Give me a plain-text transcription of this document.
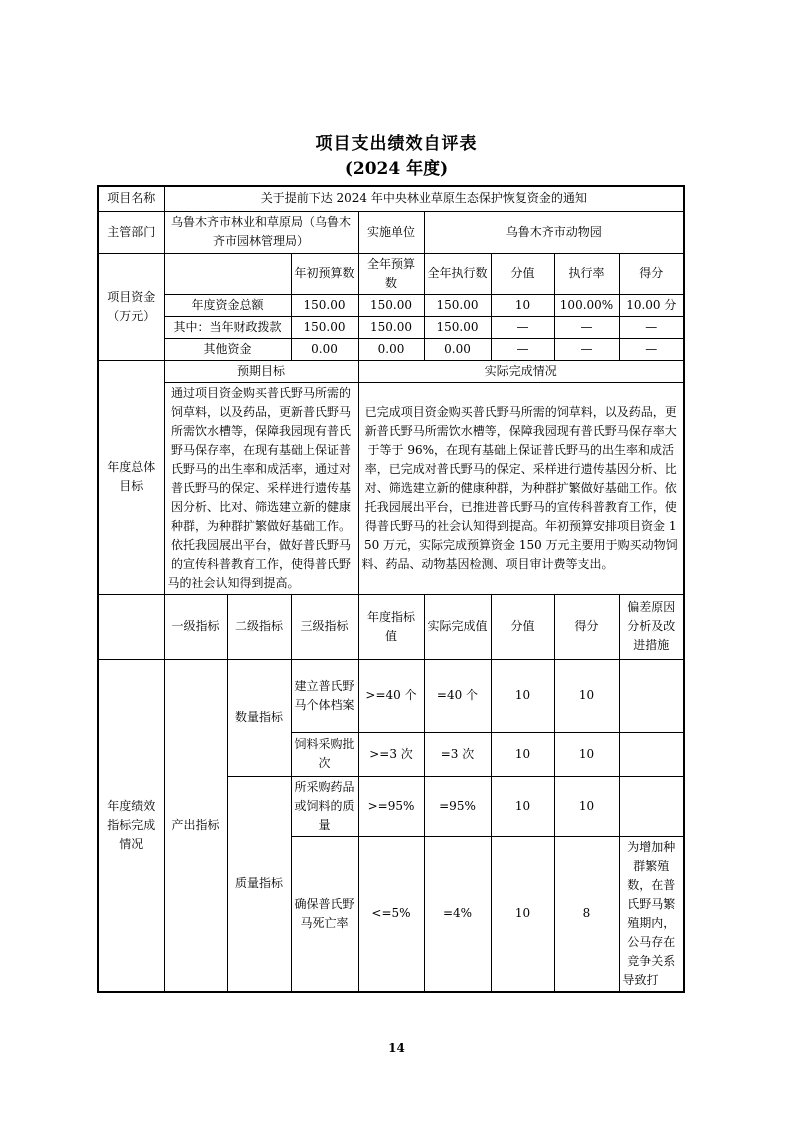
项目支出绩效自评表
(2024 年度)
项目名称	关于提前下达 2024 年中央林业草原生态保护恢复资金的通知							
主管部门	乌鲁木齐市林业和草原局（乌鲁木齐市园林管理局）			实施单位	乌鲁木齐市动物园			
项目资金（万元）			年初预算数	全年预算数	全年执行数	分值	执行率	得分
	年度资金总额		150.00	150.00	150.00	10	100.00%	10.00 分
	其中：当年财政拨款		150.00	150.00	150.00	—	—	—
	其他资金		0.00	0.00	0.00	—	—	—
年度总体目标	预期目标			实际完成情况				
	通过项目资金购买普氏野马所需的饲草料，以及药品，更新普氏野马所需饮水槽等，保障我园现有普氏野马保存率，在现有基础上保证普氏野马的出生率和成活率，通过对普氏野马的保定、采样进行遗传基因分析、比对、筛选建立新的健康种群，为种群扩繁做好基础工作。依托我园展出平台，做好普氏野马的宣传科普教育工作，使得普氏野马的社会认知得到提高。			已完成项目资金购买普氏野马所需的饲草料，以及药品，更新普氏野马所需饮水槽等，保障我园现有普氏野马保存率大于等于 96%，在现有基础上保证普氏野马的出生率和成活率，已完成对普氏野马的保定、采样进行遗传基因分析、比对、筛选建立新的健康种群，为种群扩繁做好基础工作。依托我园展出平台，已推进普氏野马的宣传科普教育工作，使得普氏野马的社会认知得到提高。年初预算安排项目资金 150 万元，实际完成预算资金 150 万元主要用于购买动物饲料、药品、动物基因检测、项目审计费等支出。				
	一级指标	二级指标	三级指标	年度指标值	实际完成值	分值	得分	偏差原因分析及改进措施
年度绩效指标完成情况	产出指标	数量指标	建立普氏野马个体档案	>=40 个	=40 个	10	10	
			饲料采购批次	>=3 次	=3 次	10	10	
		质量指标	所采购药品或饲料的质量	>=95%	=95%	10	10	
			确保普氏野马死亡率	<=5%	=4%	10	8	为增加种群繁殖数，在普氏野马繁殖期内，公马存在竞争关系导致打
14
